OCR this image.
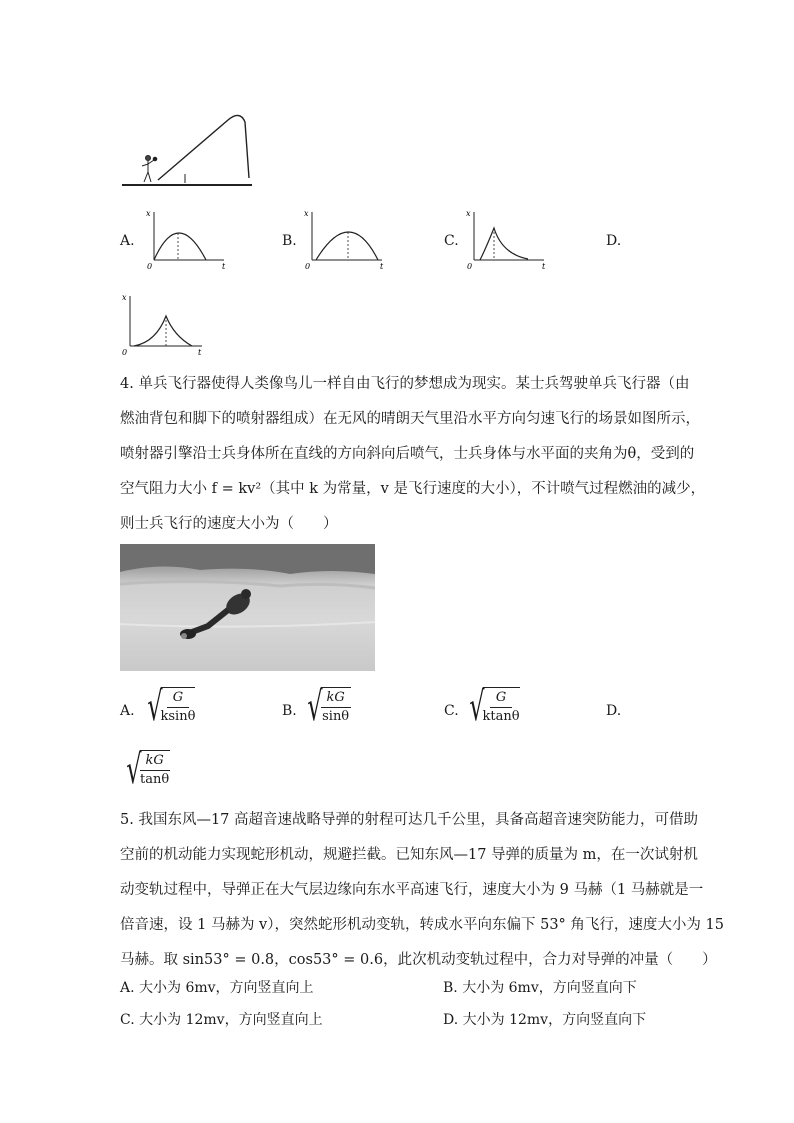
A.
x
t
0
B.
x
t
0
C.
x
t
0
D.
x
t
0
4. 单兵飞行器使得人类像鸟儿一样自由飞行的梦想成为现实。某士兵驾驶单兵飞行器（由
燃油背包和脚下的喷射器组成）在无风的晴朗天气里沿水平方向匀速飞行的场景如图所示，
喷射器引擎沿士兵身体所在直线的方向斜向后喷气，士兵身体与水平面的夹角为θ，受到的
空气阻力大小 f = kv²（其中 k 为常量，v 是飞行速度的大小），不计喷气过程燃油的减少，
则士兵飞行的速度大小为（　　）
A. √
$\frac{G}{ksin\theta}$	B. √
$\frac{kG}{\sin\theta}$	C. √
$\frac{G}{ktan\theta}$	D.
√
$\frac{kG}{\tan\theta}$
5. 我国东风—17 高超音速战略导弹的射程可达几千公里，具备高超音速突防能力，可借助
空前的机动能力实现蛇形机动，规避拦截。已知东风—17 导弹的质量为 m，在一次试射机
动变轨过程中，导弹正在大气层边缘向东水平高速飞行，速度大小为 9 马赫（1 马赫就是一
倍音速，设 1 马赫为 v），突然蛇形机动变轨，转成水平向东偏下 53° 角飞行，速度大小为 15
马赫。取 sin53° = 0.8，cos53° = 0.6，此次机动变轨过程中，合力对导弹的冲量（　　）
A. 大小为 6mv，方向竖直向上	B. 大小为 6mv，方向竖直向下
C. 大小为 12mv，方向竖直向上	D. 大小为 12mv，方向竖直向下
